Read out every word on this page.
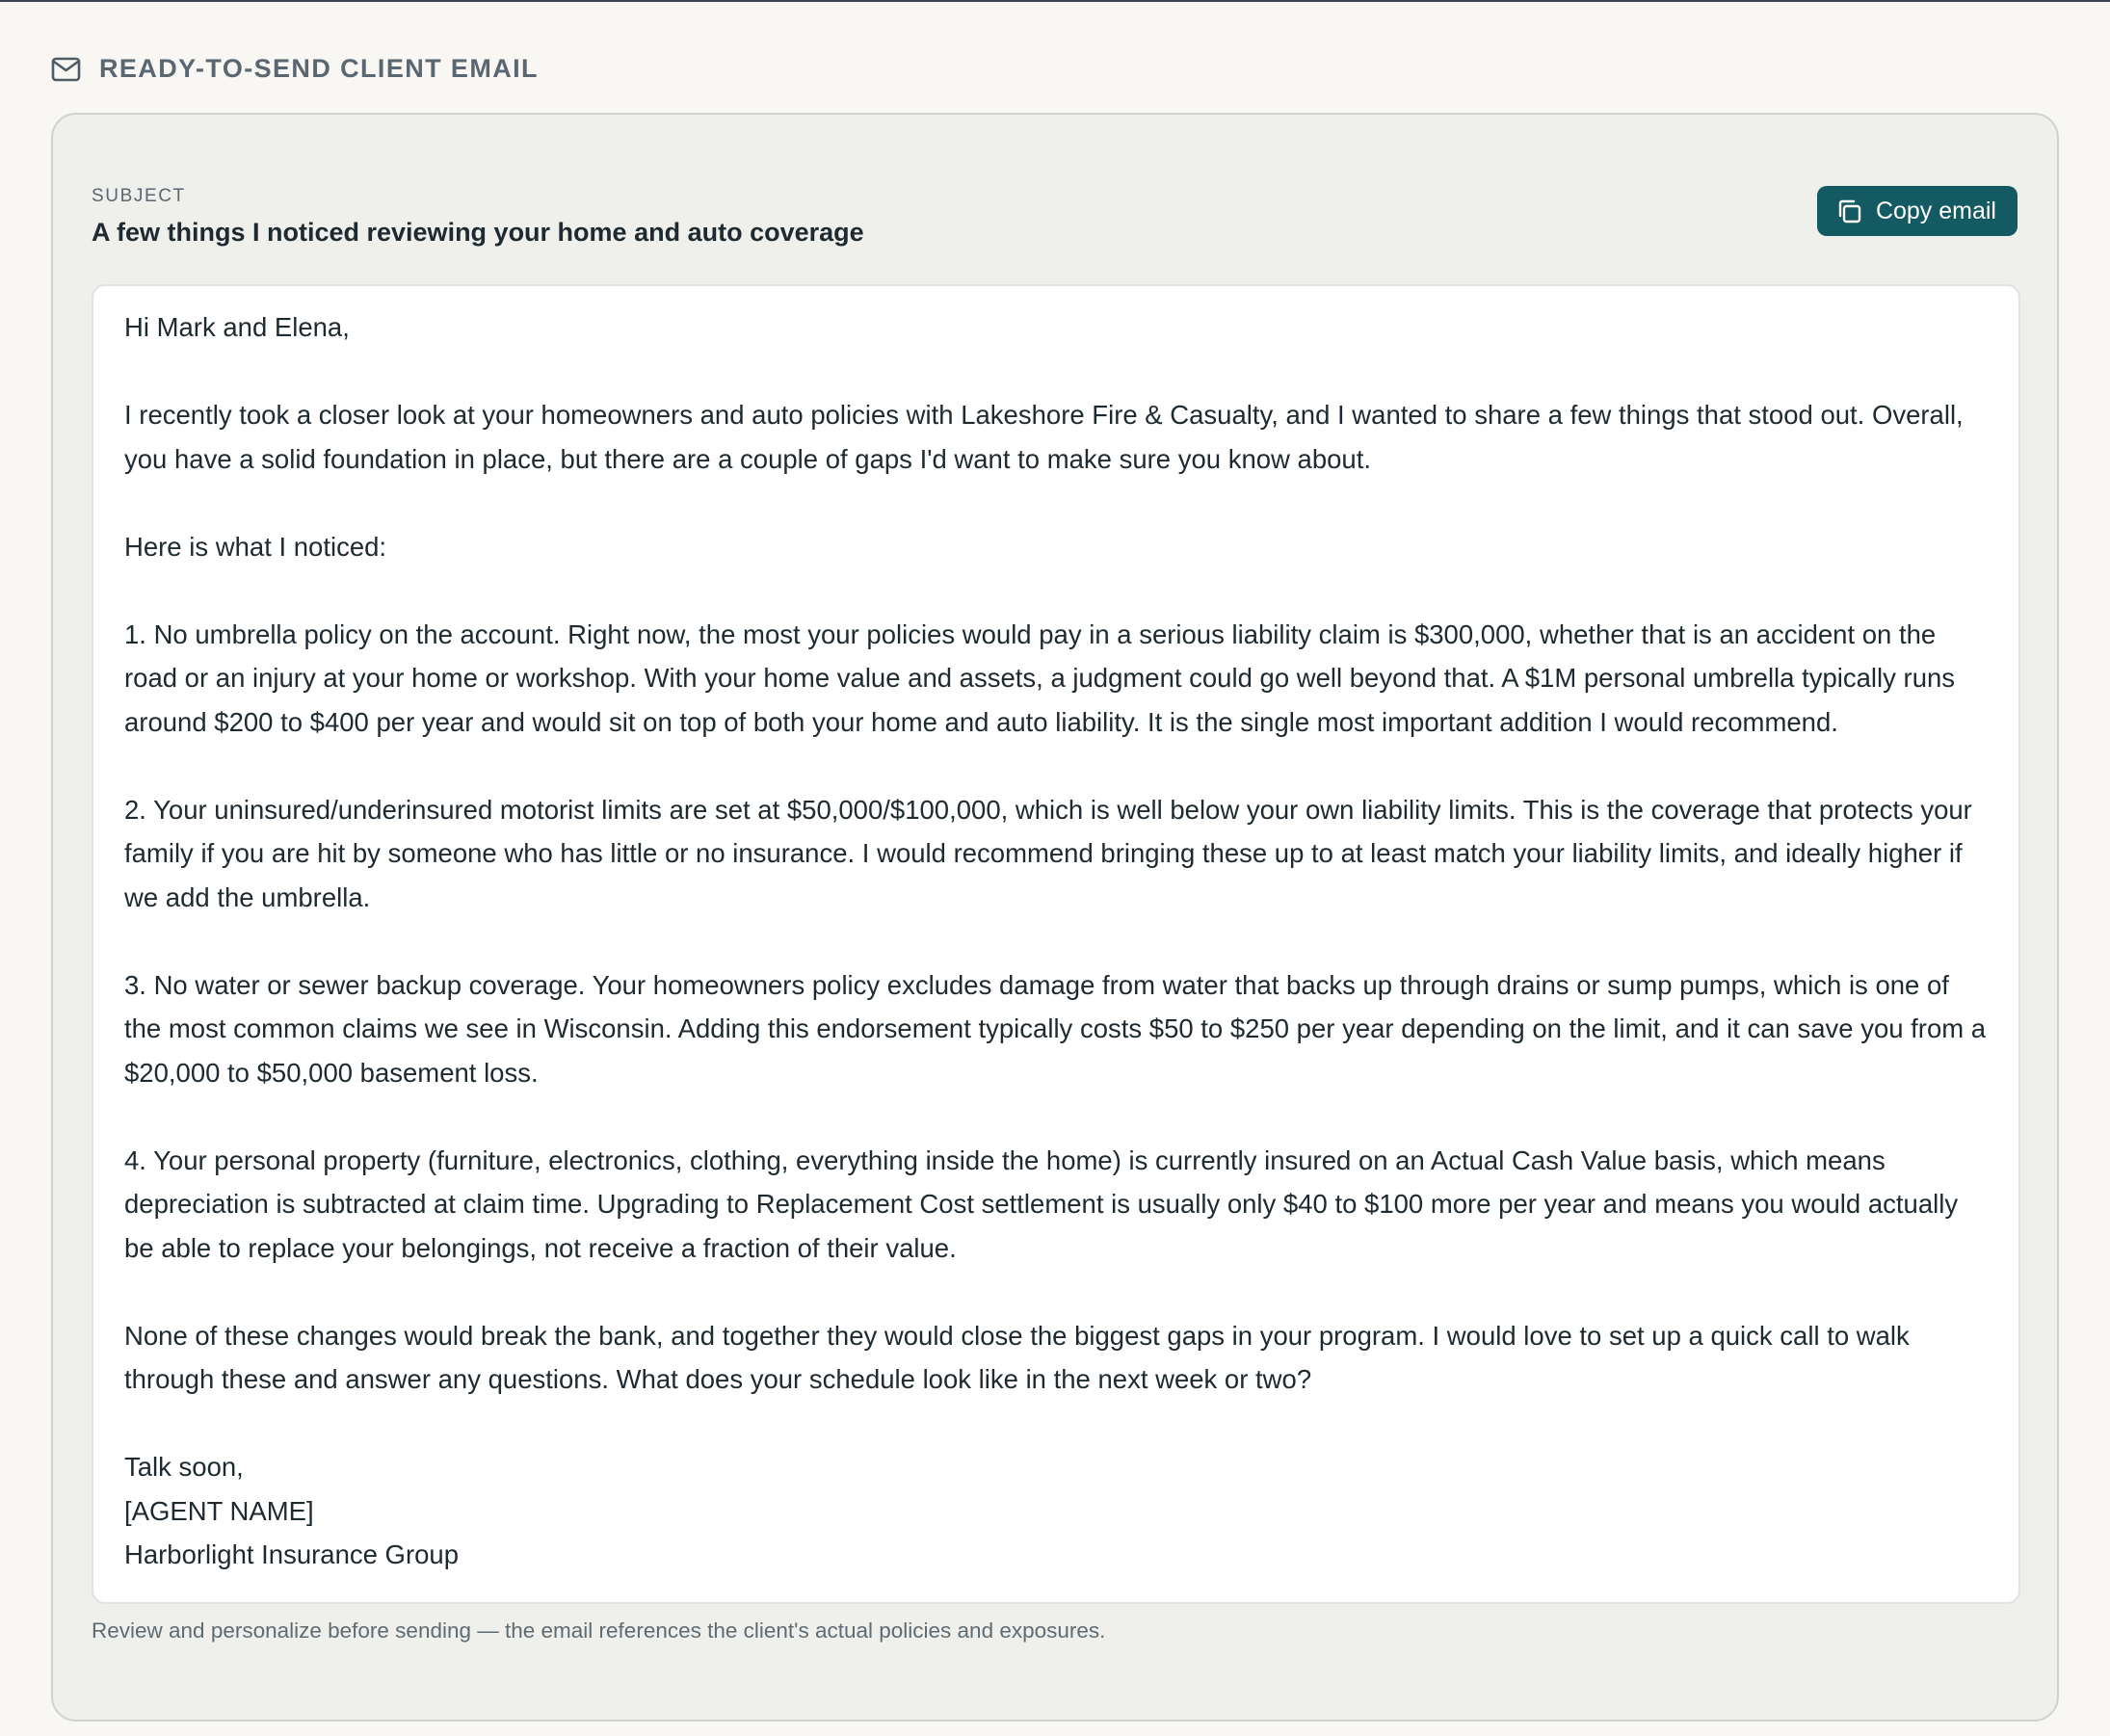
READY-TO-SEND CLIENT EMAIL
SUBJECT
A few things I noticed reviewing your home and auto coverage
Copy email

Hi Mark and Elena,

I recently took a closer look at your homeowners and auto policies with Lakeshore Fire & Casualty, and I wanted to share a few things that stood out. Overall, you have a solid foundation in place, but there are a couple of gaps I'd want to make sure you know about.

Here is what I noticed:

1. No umbrella policy on the account. Right now, the most your policies would pay in a serious liability claim is $300,000, whether that is an accident on the road or an injury at your home or workshop. With your home value and assets, a judgment could go well beyond that. A $1M personal umbrella typically runs around $200 to $400 per year and would sit on top of both your home and auto liability. It is the single most important addition I would recommend.

2. Your uninsured/underinsured motorist limits are set at $50,000/$100,000, which is well below your own liability limits. This is the coverage that protects your family if you are hit by someone who has little or no insurance. I would recommend bringing these up to at least match your liability limits, and ideally higher if we add the umbrella.

3. No water or sewer backup coverage. Your homeowners policy excludes damage from water that backs up through drains or sump pumps, which is one of the most common claims we see in Wisconsin. Adding this endorsement typically costs $50 to $250 per year depending on the limit, and it can save you from a $20,000 to $50,000 basement loss.

4. Your personal property (furniture, electronics, clothing, everything inside the home) is currently insured on an Actual Cash Value basis, which means depreciation is subtracted at claim time. Upgrading to Replacement Cost settlement is usually only $40 to $100 more per year and means you would actually be able to replace your belongings, not receive a fraction of their value.

None of these changes would break the bank, and together they would close the biggest gaps in your program. I would love to set up a quick call to walk through these and answer any questions. What does your schedule look like in the next week or two?

Talk soon,

[AGENT NAME]

Harborlight Insurance Group

Review and personalize before sending — the email references the client's actual policies and exposures.
